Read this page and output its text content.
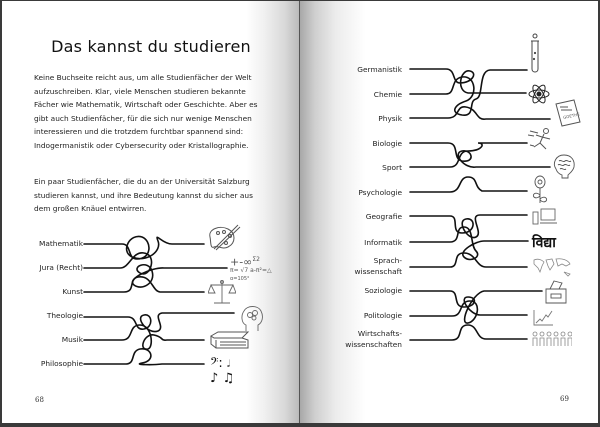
Das kannst du studieren

Keine Buchseite reicht aus, um alle Studienfächer der Welt aufzuschreiben. Klar, viele Menschen studieren bekannte Fächer wie Mathematik, Wirtschaft oder Geschichte. Aber es gibt auch Studienfächer, für die sich nur wenige Menschen interessieren und die trotzdem furchtbar spannend sind: Indogermanistik oder Cybersecurity oder Kristallographie.

Ein paar Studienfächer, die du an der Universität Salzburg studieren kannst, und ihre Bedeutung kannst du sicher aus dem großen Knäuel entwirren.

Mathematik
Jura (Recht)
Kunst
Theologie
Musik
Philosophie
+-∞$^{\Sigma 2}$
π= √7 a-π²=△
α=105°
𝄢: 𝅗𝅥
♪ ♫
68
Germanistik
Chemie
Physik
Biologie
Sport
Psychologie
Geografie
Informatik
Sprach-
wissenschaft
Soziologie
Politologie
Wirtschafts-
wissenschaften
GOETHE
विद्या
69
